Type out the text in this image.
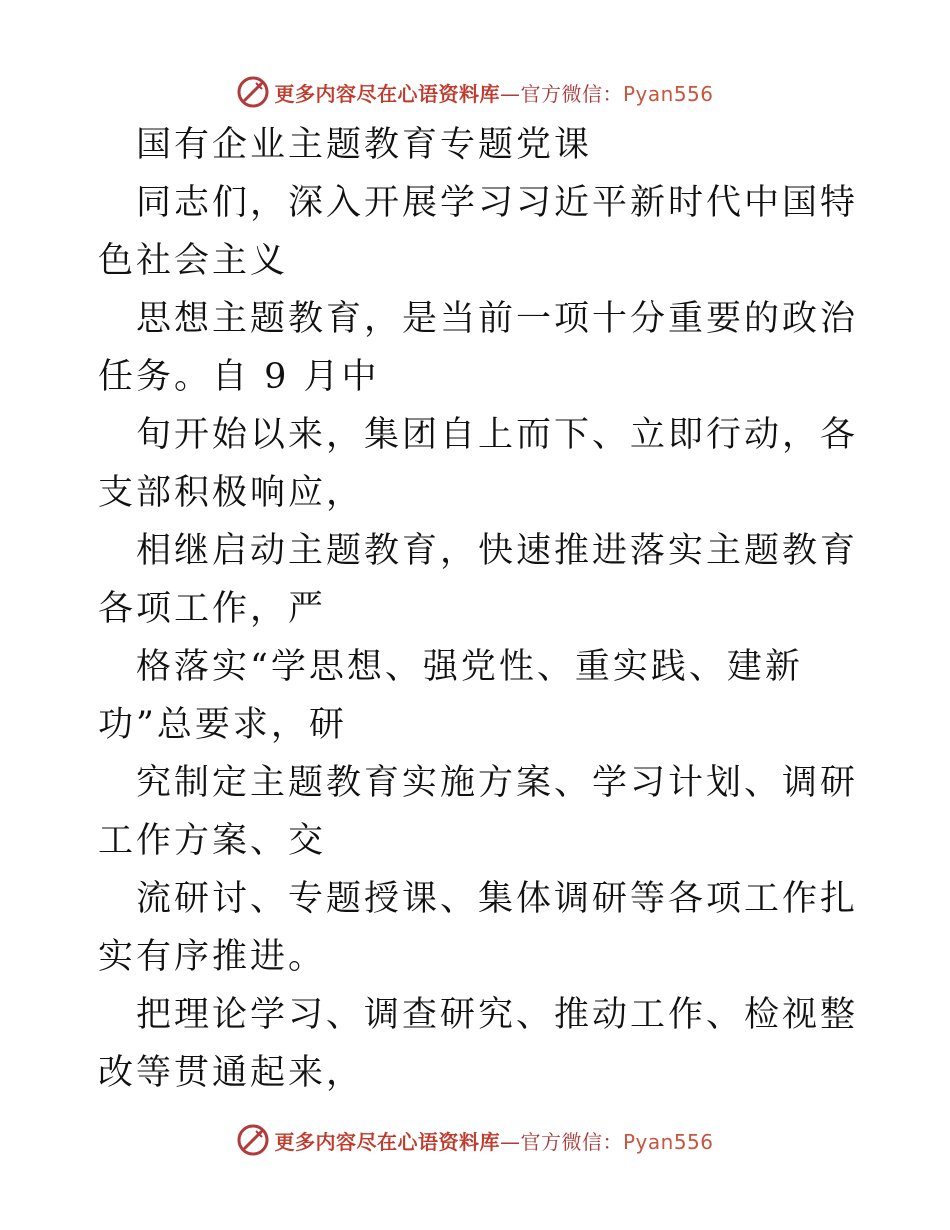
更多内容尽在心语资料库—官方微信：Pyan556
国有企业主题教育专题党课
同志们，深入开展学习习近平新时代中国特色社会主义
思想主题教育，是当前一项十分重要的政治任务。自 9 月中
旬开始以来，集团自上而下、立即行动，各支部积极响应，
相继启动主题教育，快速推进落实主题教育各项工作，严
格落实“学思想、强党性、重实践、建新功”总要求，研
究制定主题教育实施方案、学习计划、调研工作方案、交
流研讨、专题授课、集体调研等各项工作扎实有序推进。
把理论学习、调查研究、推动工作、检视整改等贯通起来，
更多内容尽在心语资料库—官方微信：Pyan556
